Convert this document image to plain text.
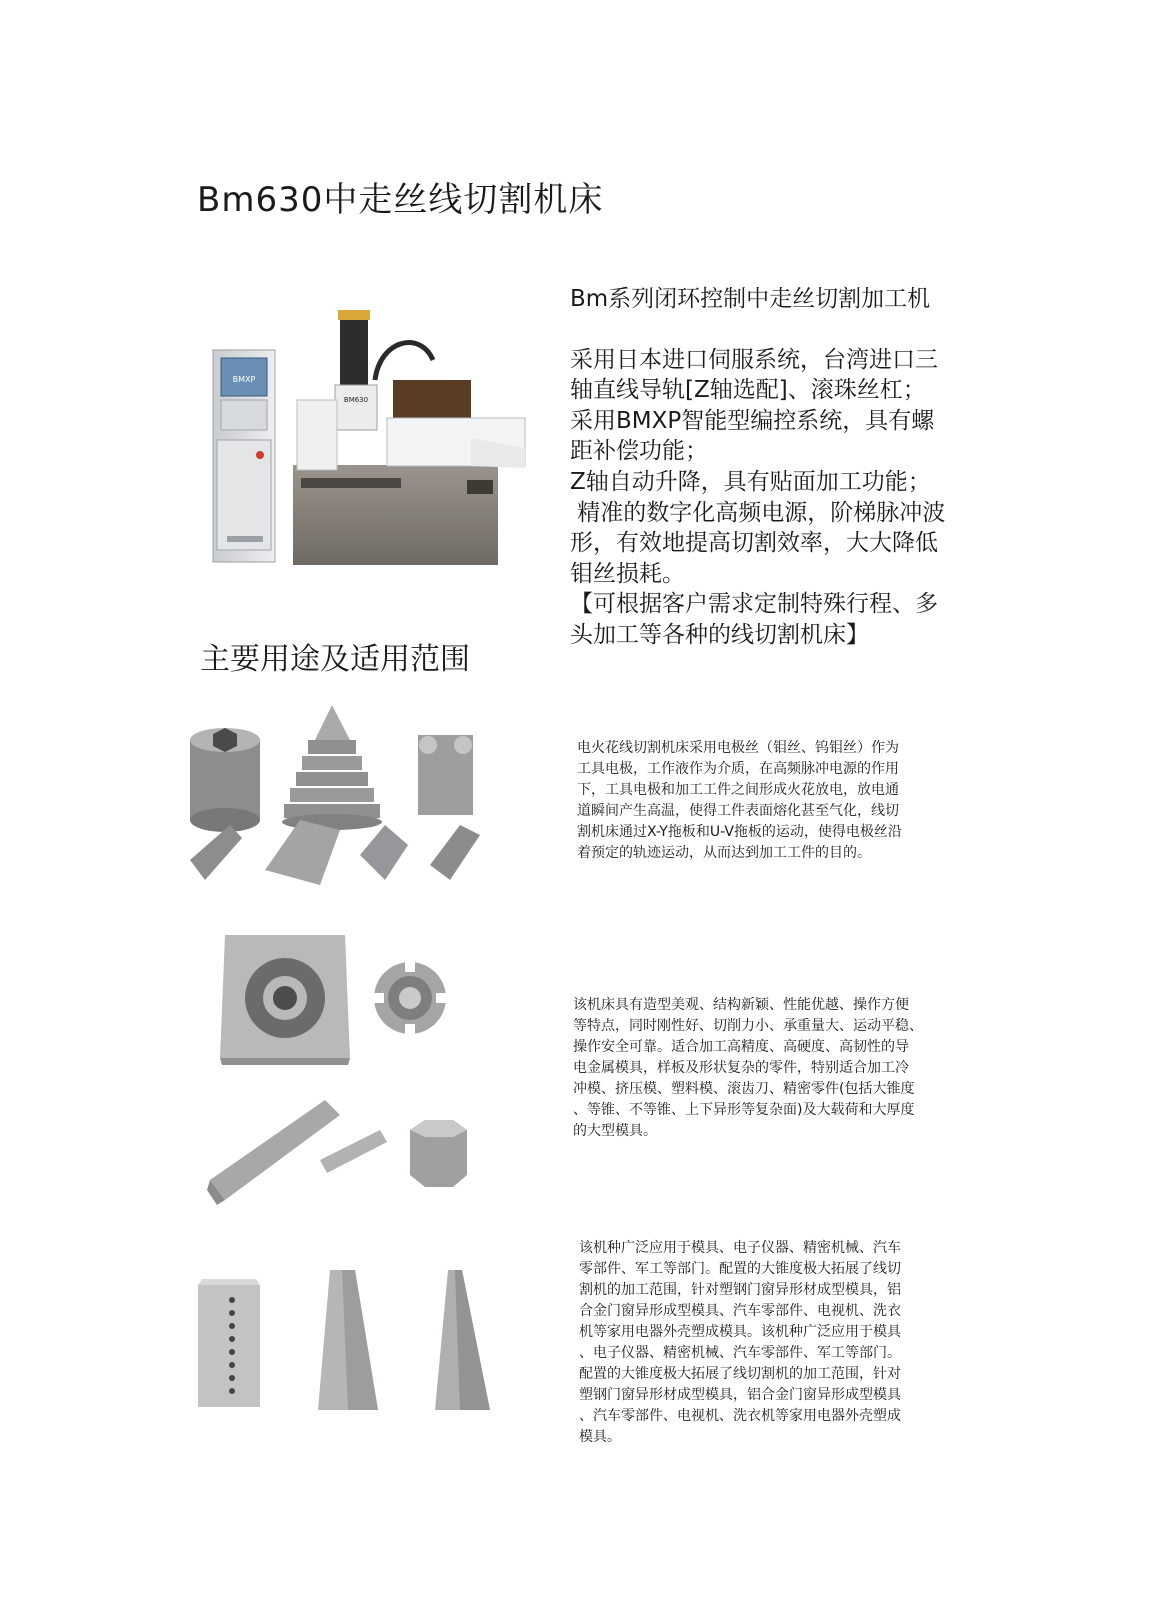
Bm630中走丝线切割机床
BMXP
BM630
Bm系列闭环控制中走丝切割加工机
采用日本进口伺服系统，台湾进口三
轴直线导轨[Z轴选配]、滚珠丝杠；
采用BMXP智能型编控系统，具有螺
距补偿功能；
Z轴自动升降，具有贴面加工功能；
精准的数字化高频电源，阶梯脉冲波
形，有效地提高切割效率，大大降低
钼丝损耗。
【可根据客户需求定制特殊行程、多
头加工等各种的线切割机床】
主要用途及适用范围
电火花线切割机床采用电极丝（钼丝、钨钼丝）作为
工具电极，工作液作为介质，在高频脉冲电源的作用
下，工具电极和加工工件之间形成火花放电，放电通
道瞬间产生高温，使得工件表面熔化甚至气化，线切
割机床通过X-Y拖板和U-V拖板的运动，使得电极丝沿
着预定的轨迹运动，从而达到加工工件的目的。
该机床具有造型美观、结构新颖、性能优越、操作方便
等特点，同时刚性好、切削力小、承重量大、运动平稳、
操作安全可靠。适合加工高精度、高硬度、高韧性的导
电金属模具，样板及形状复杂的零件，特别适合加工冷
冲模、挤压模、塑料模、滚齿刀、精密零件(包括大锥度
、等锥、不等锥、上下异形等复杂面)及大载荷和大厚度
的大型模具。
该机种广泛应用于模具、电子仪器、精密机械、汽车
零部件、军工等部门。配置的大锥度极大拓展了线切
割机的加工范围，针对塑钢门窗异形材成型模具，铝
合金门窗异形成型模具、汽车零部件、电视机、洗衣
机等家用电器外壳塑成模具。该机种广泛应用于模具
、电子仪器、精密机械、汽车零部件、军工等部门。
配置的大锥度极大拓展了线切割机的加工范围，针对
塑钢门窗异形材成型模具，铝合金门窗异形成型模具
、汽车零部件、电视机、洗衣机等家用电器外壳塑成
模具。
